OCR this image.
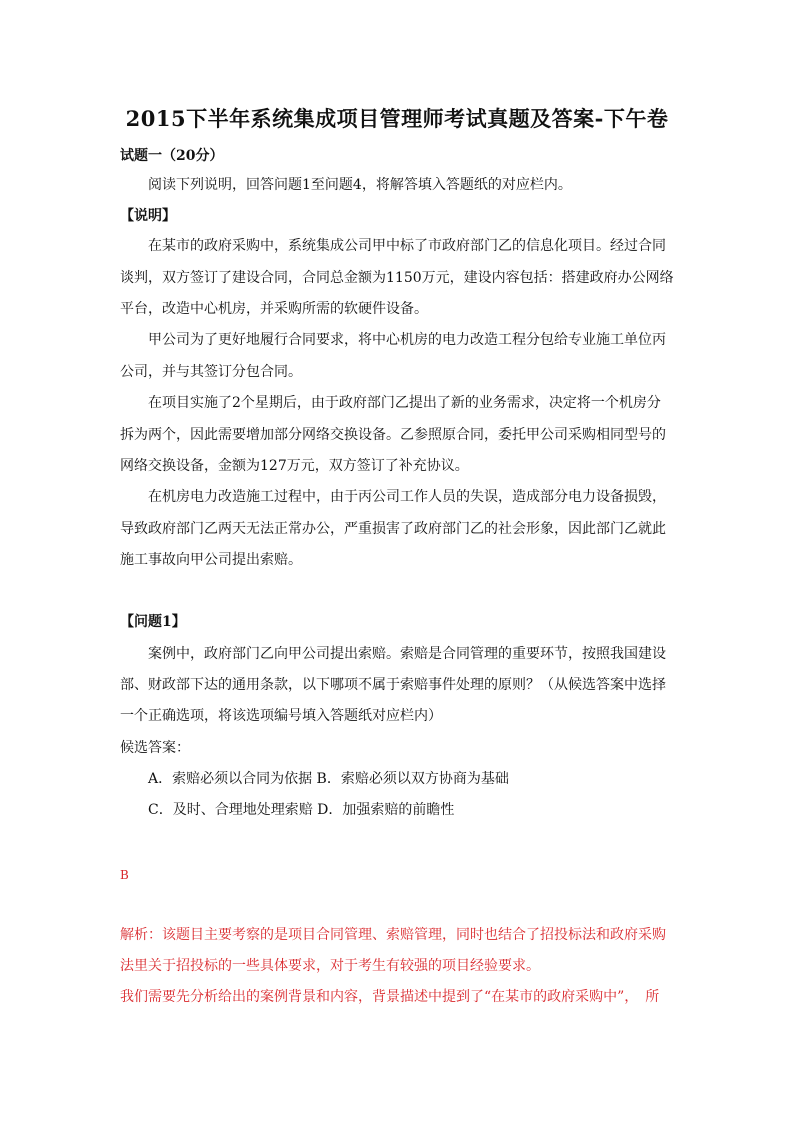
2015下半年系统集成项目管理师考试真题及答案-下午卷
试题一（20分）
阅读下列说明，回答问题1至问题4，将解答填入答题纸的对应栏内。
【说明】
在某市的政府采购中，系统集成公司甲中标了市政府部门乙的信息化项目。经过合同
谈判，双方签订了建设合同，合同总金额为1150万元，建设内容包括：搭建政府办公网络
平台，改造中心机房，并采购所需的软硬件设备。
甲公司为了更好地履行合同要求，将中心机房的电力改造工程分包给专业施工单位丙
公司，并与其签订分包合同。
在项目实施了2个星期后，由于政府部门乙提出了新的业务需求，决定将一个机房分
拆为两个，因此需要增加部分网络交换设备。乙参照原合同，委托甲公司采购相同型号的
网络交换设备，金额为127万元，双方签订了补充协议。
在机房电力改造施工过程中，由于丙公司工作人员的失误，造成部分电力设备损毁，
导致政府部门乙两天无法正常办公，严重损害了政府部门乙的社会形象，因此部门乙就此
施工事故向甲公司提出索赔。
【问题1】
案例中，政府部门乙向甲公司提出索赔。索赔是合同管理的重要环节，按照我国建设
部、财政部下达的通用条款，以下哪项不属于索赔事件处理的原则？（从候选答案中选择
一个正确选项，将该选项编号填入答题纸对应栏内）
候选答案：
A．索赔必须以合同为依据 B．索赔必须以双方协商为基础
C．及时、合理地处理索赔 D．加强索赔的前瞻性
B
解析：该题目主要考察的是项目合同管理、索赔管理，同时也结合了招投标法和政府采购
法里关于招投标的一些具体要求，对于考生有较强的项目经验要求。
我们需要先分析给出的案例背景和内容，背景描述中提到了“在某市的政府采购中”，　所
